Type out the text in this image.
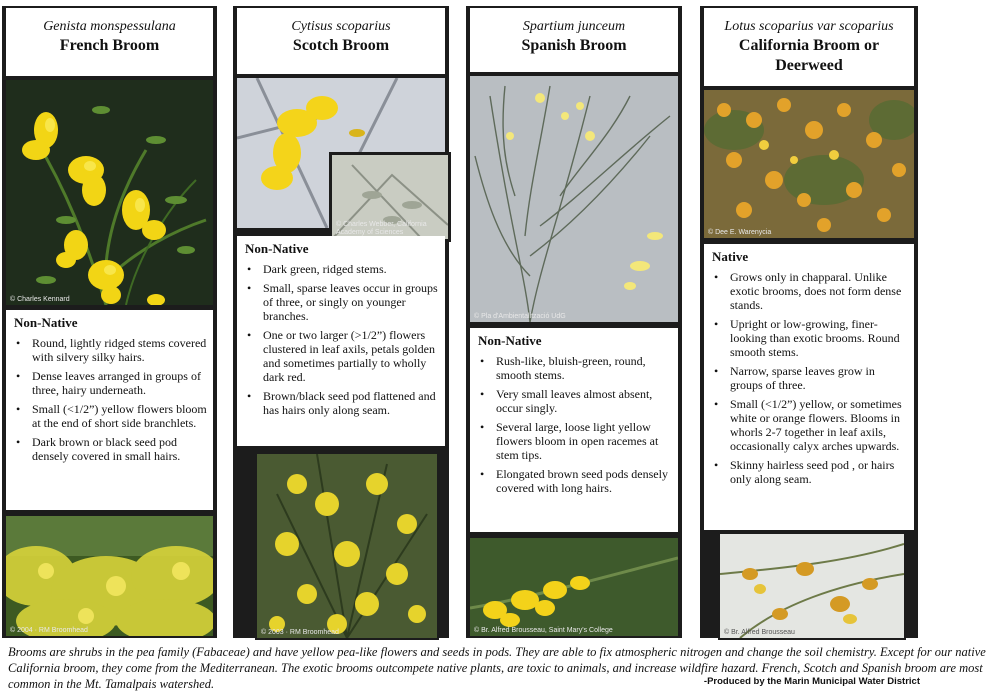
Genista monspessulana
French Broom
© Charles Kennard
Non-Native
• Round, lightly ridged stems covered with silvery silky hairs.
• Dense leaves arranged in groups of three, hairy underneath.
• Small (<1/2”) yellow flowers bloom at the end of short side branchlets.
• Dark brown or black seed pod densely covered in small hairs.
© 2004 · RM Broomhead
Cytisus scoparius
Scotch Broom
© Charles Webber, California Academy of Sciences
Non-Native
• Dark green, ridged stems.
• Small, sparse leaves occur in groups of three, or singly on younger branches.
• One or two larger (>1/2”) flowers clustered in leaf axils, petals golden and sometimes partially to wholly dark red.
• Brown/black seed pod flattened and has hairs only along seam.
© 2003 · RM Broomhead
Spartium junceum
Spanish Broom
© Pla d'Ambientalització UdG
Non-Native
• Rush-like, bluish-green, round, smooth stems.
• Very small leaves almost absent, occur singly.
• Several large, loose light yellow flowers bloom in open racemes at stem tips.
• Elongated brown seed pods densely covered with long hairs.
© Br. Alfred Brousseau, Saint Mary's College
Lotus scoparius var scoparius
California Broom or Deerweed
© Dee E. Warenycia
Native
• Grows only in chapparal. Unlike exotic brooms, does not form dense stands.
• Upright or low-growing, finer-looking than exotic brooms. Round smooth stems.
• Narrow, sparse leaves grow in groups of three.
• Small (<1/2”) yellow, or sometimes white or orange flowers. Blooms in whorls 2-7 together in leaf axils, occasionally calyx arches upwards.
• Skinny hairless seed pod , or hairs only along seam.
© Br. Alfred Brousseau
Brooms are shrubs in the pea family (Fabaceae) and have yellow pea-like flowers and seeds in pods. They are able to fix atmospheric nitrogen and change the soil chemistry. Except for our native California broom, they come from the Mediterranean. The exotic brooms outcompete native plants, are toxic to animals, and increase wildfire hazard. French, Scotch and Spanish broom are most common in the Mt. Tamalpais watershed.	-Produced by the Marin Municipal Water District
